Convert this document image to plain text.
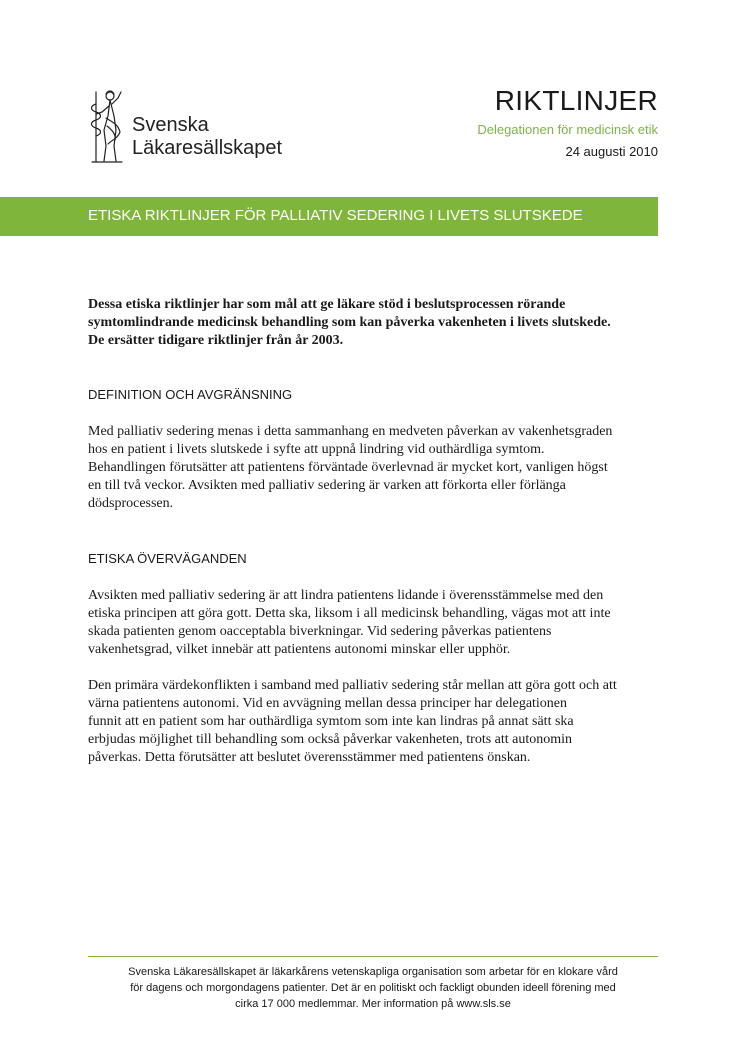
Svenska
Läkaresällskapet
RIKTLINJER
Delegationen för medicinsk etik
24 augusti 2010
ETISKA RIKTLINJER FÖR PALLIATIV SEDERING I LIVETS SLUTSKEDE

Dessa etiska riktlinjer har som mål att ge läkare stöd i beslutsprocessen rörande
symtomlindrande medicinsk behandling som kan påverka vakenheten i livets slutskede.
De ersätter tidigare riktlinjer från år 2003.

DEFINITION OCH AVGRÄNSNING

Med palliativ sedering menas i detta sammanhang en medveten påverkan av vakenhetsgraden
hos en patient i livets slutskede i syfte att uppnå lindring vid outhärdliga symtom.
Behandlingen förutsätter att patientens förväntade överlevnad är mycket kort, vanligen högst
en till två veckor. Avsikten med palliativ sedering är varken att förkorta eller förlänga
dödsprocessen.

ETISKA ÖVERVÄGANDEN

Avsikten med palliativ sedering är att lindra patientens lidande i överensstämmelse med den
etiska principen att göra gott. Detta ska, liksom i all medicinsk behandling, vägas mot att inte
skada patienten genom oacceptabla biverkningar. Vid sedering påverkas patientens
vakenhetsgrad, vilket innebär att patientens autonomi minskar eller upphör.

Den primära värdekonflikten i samband med palliativ sedering står mellan att göra gott och att
värna patientens autonomi. Vid en avvägning mellan dessa principer har delegationen
funnit att en patient som har outhärdliga symtom som inte kan lindras på annat sätt ska
erbjudas möjlighet till behandling som också påverkar vakenheten, trots att autonomin
påverkas. Detta förutsätter att beslutet överensstämmer med patientens önskan.

Svenska Läkaresällskapet är läkarkårens vetenskapliga organisation som arbetar för en klokare vård
för dagens och morgondagens patienter. Det är en politiskt och fackligt obunden ideell förening med
cirka 17 000 medlemmar. Mer information på www.sls.se
